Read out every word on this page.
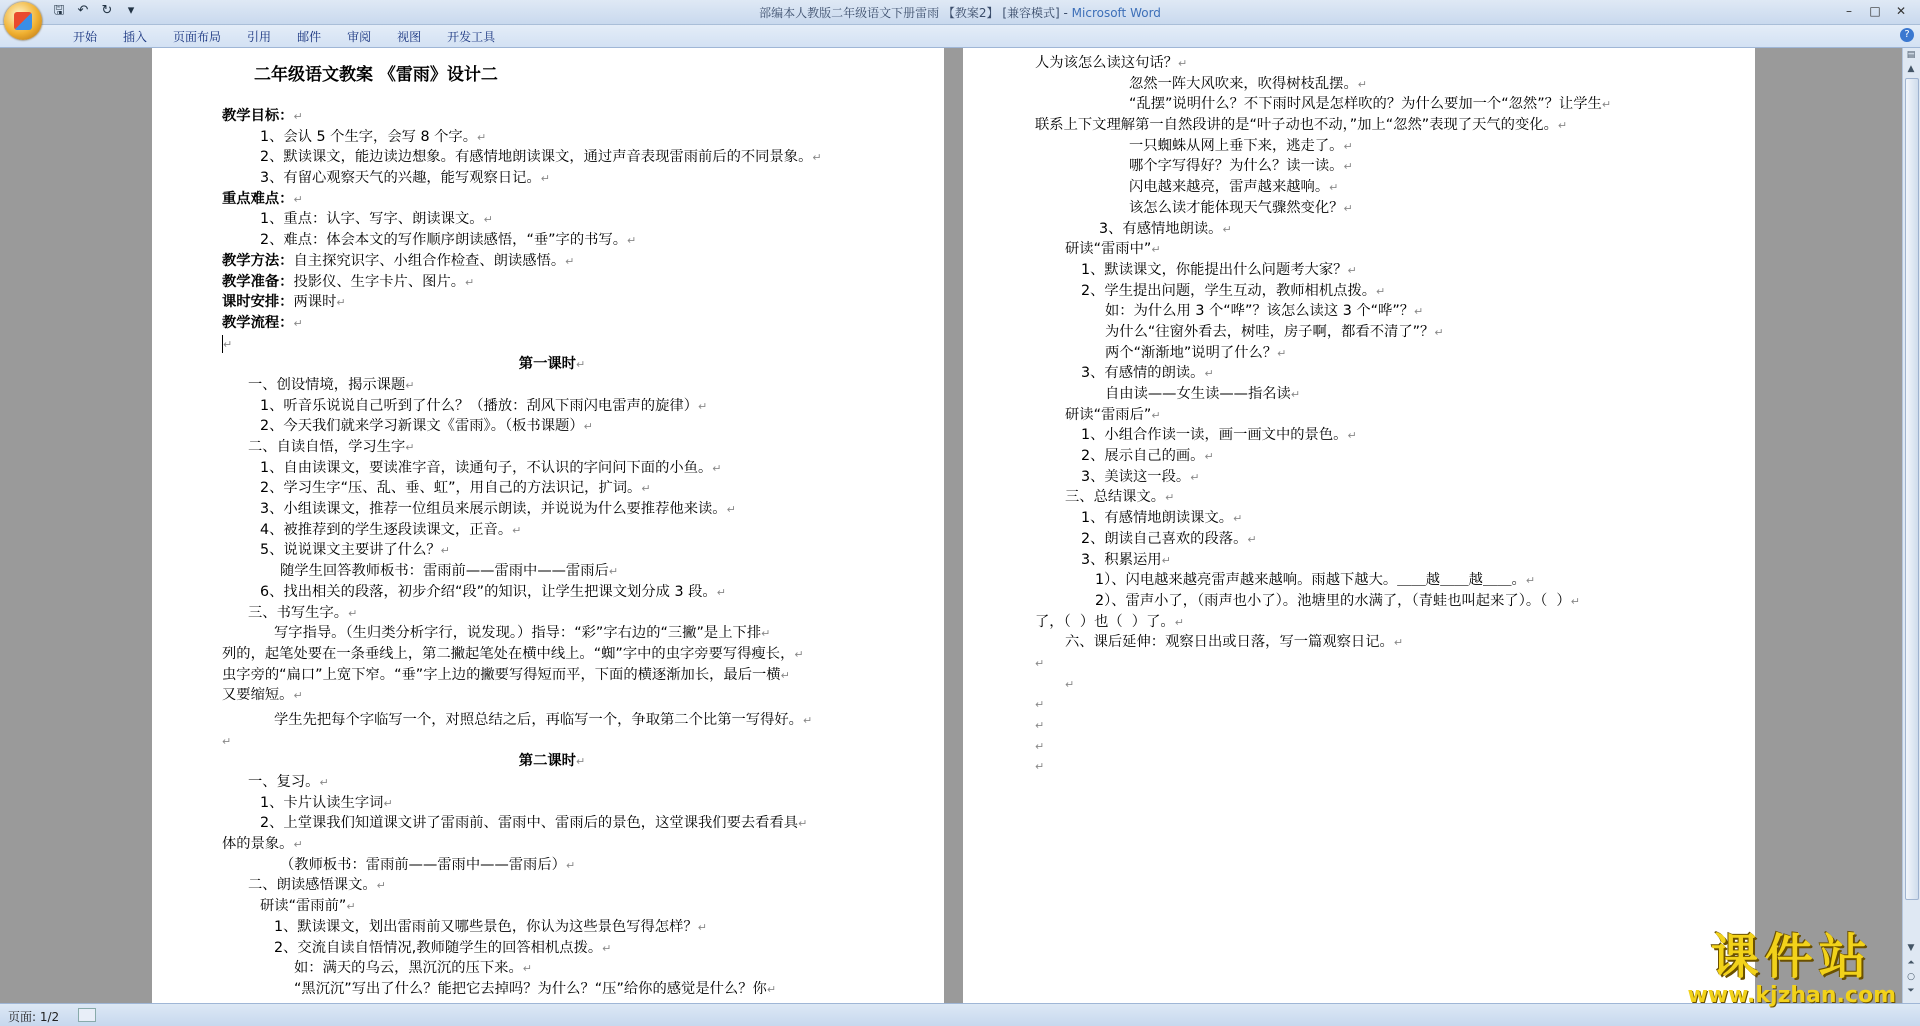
🖫 ↶ ↻	▾	部编本人教版二年级语文下册雷雨 【教案2】 [兼容模式] - Microsoft Word	–	□	✕
开始	插入	页面布局	引用	邮件	审阅	视图	开发工具	?
二年级语文教案 《雷雨》设计二
教学目标：↵
1、会认 5 个生字，会写 8 个字。↵
2、默读课文，能边读边想象。有感情地朗读课文，通过声音表现雷雨前后的不同景象。↵
3、有留心观察天气的兴趣，能写观察日记。↵
重点难点：↵
1、重点：认字、写字、朗读课文。↵
2、难点：体会本文的写作顺序朗读感悟，“垂”字的书写。↵
教学方法：自主探究识字、小组合作检查、朗读感悟。↵
教学准备：投影仪、生字卡片、图片。↵
课时安排：两课时↵
教学流程：↵
↵
第一课时↵
一、创设情境，揭示课题↵
1、听音乐说说自己听到了什么？（播放：刮风下雨闪电雷声的旋律）↵
2、今天我们就来学习新课文《雷雨》。（板书课题）↵
二、自读自悟，学习生字↵
1、自由读课文，要读准字音，读通句子，不认识的字问问下面的小鱼。↵
2、学习生字“压、乱、垂、虹”，用自己的方法识记，扩词。↵
3、小组读课文，推荐一位组员来展示朗读，并说说为什么要推荐他来读。↵
4、被推荐到的学生逐段读课文，正音。↵
5、说说课文主要讲了什么？↵
随学生回答教师板书：雷雨前——雷雨中——雷雨后↵
6、找出相关的段落，初步介绍“段”的知识，让学生把课文划分成 3 段。↵
三、书写生字。↵
写字指导。（生归类分析字行，说发现。）指导：“彩”字右边的“三撇”是上下排↵
列的，起笔处要在一条垂线上，第二撇起笔处在横中线上。“蜘”字中的虫字旁要写得瘦长，↵
虫字旁的“扁口”上宽下窄。“垂”字上边的撇要写得短而平，下面的横逐渐加长，最后一横↵
又要缩短。↵
学生先把每个字临写一个，对照总结之后，再临写一个，争取第二个比第一写得好。↵
↵
第二课时↵
一、复习。↵
1、卡片认读生字词↵
2、上堂课我们知道课文讲了雷雨前、雷雨中、雷雨后的景色，这堂课我们要去看看具↵
体的景象。↵
（教师板书：雷雨前——雷雨中——雷雨后）↵
二、朗读感悟课文。↵
研读“雷雨前”↵
1、默读课文，划出雷雨前又哪些景色，你认为这些景色写得怎样？↵
2、交流自读自悟情况,教师随学生的回答相机点拨。↵
如：满天的乌云，黑沉沉的压下来。↵
“黑沉沉”写出了什么？能把它去掉吗？为什么？“压”给你的感觉是什么？你↵
人为该怎么读这句话？↵
忽然一阵大风吹来，吹得树枝乱摆。↵
“乱摆”说明什么？不下雨时风是怎样吹的？为什么要加一个“忽然”？让学生↵
联系上下文理解第一自然段讲的是“叶子动也不动，”加上“忽然”表现了天气的变化。↵
一只蜘蛛从网上垂下来，逃走了。↵
哪个字写得好？为什么？读一读。↵
闪电越来越亮，雷声越来越响。↵
该怎么读才能体现天气骤然变化？↵
3、有感情地朗读。↵
研读“雷雨中”↵
1、默读课文，你能提出什么问题考大家？↵
2、学生提出问题，学生互动，教师相机点拨。↵
如：为什么用 3 个“哗”？该怎么读这 3 个“哗”？↵
为什么“往窗外看去，树哇，房子啊，都看不清了”？↵
两个“渐渐地”说明了什么？↵
3、有感情的朗读。↵
自由读——女生读——指名读↵
研读“雷雨后”↵
1、小组合作读一读，画一画文中的景色。↵
2、展示自己的画。↵
3、美读这一段。↵
三、总结课文。↵
1、有感情地朗读课文。↵
2、朗读自己喜欢的段落。↵
3、积累运用↵
1）、闪电越来越亮雷声越来越响。雨越下越大。＿＿越＿＿越＿＿。↵
2）、雷声小了，（雨声也小了）。池塘里的水满了，（青蛙也叫起来了）。（  ）↵
了，（  ）也（  ）了。↵
六、课后延伸：观察日出或日落，写一篇观察日记。↵
↵
↵
↵
↵
↵
↵
▤
▲
▼
⏶
○
⏷
页面: 1/2
课件站
www.kjzhan.com
